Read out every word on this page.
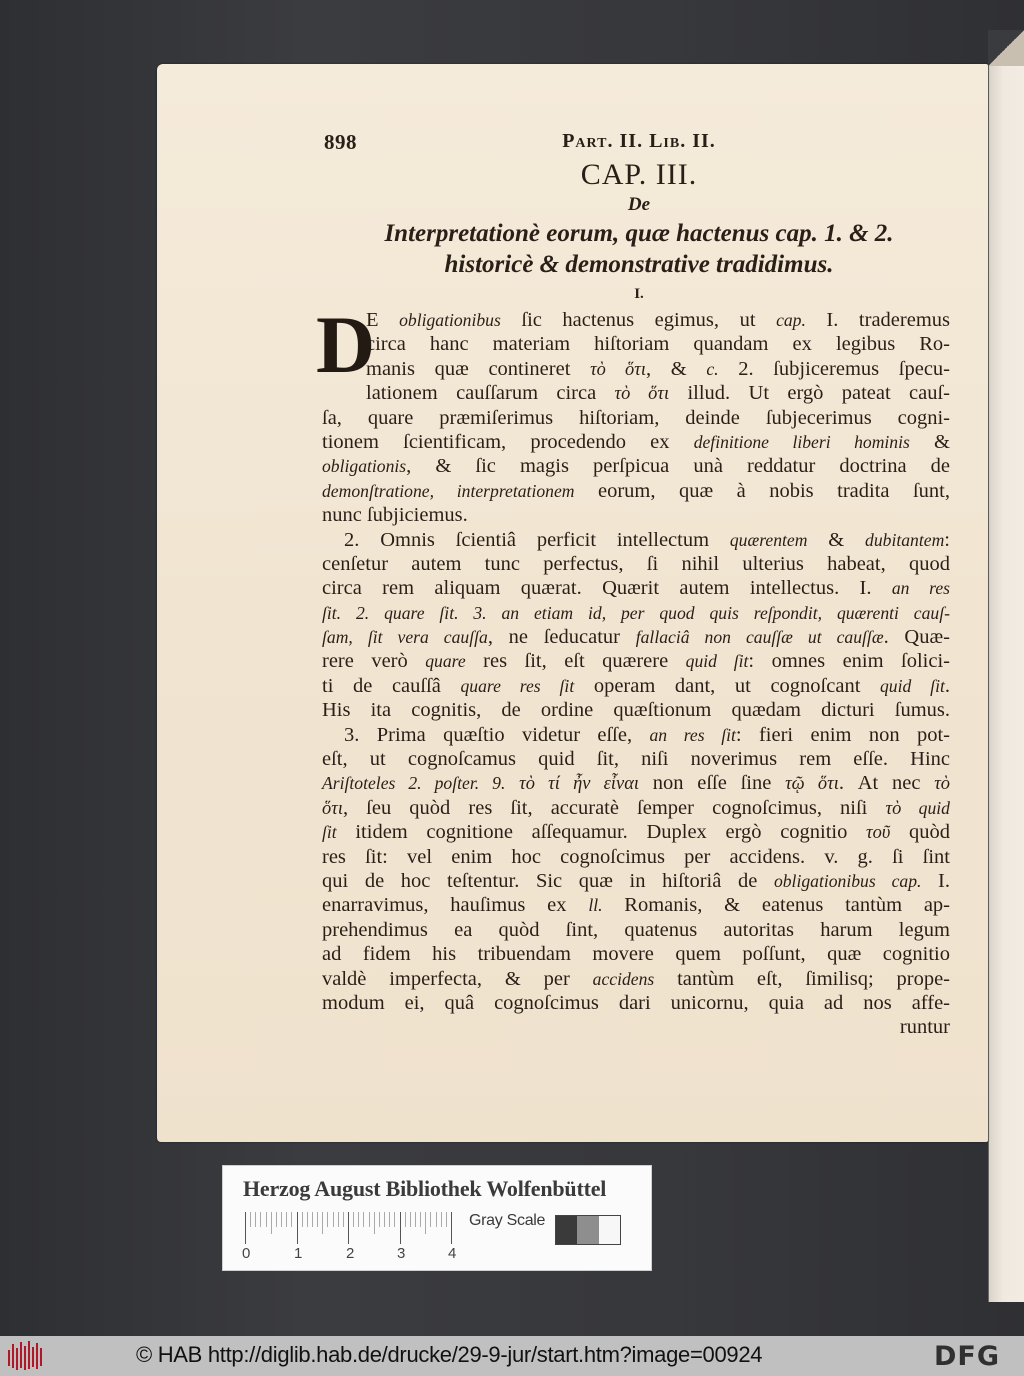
898	Part. II. Lib. II.
CAP. III.
De
Interpretationè eorum, quæ hactenus cap. 1. & 2.
historicè & demonstrative tradidimus.
I.
D
E obligationibus ſic hactenus egimus, ut cap. I. traderemus
circa hanc materiam hiſtoriam quandam ex legibus Ro-
manis quæ contineret τὸ ὅτι, & c. 2. ſubjiceremus ſpecu-
lationem cauſſarum circa τὸ ὅτι illud. Ut ergò pateat cauſ-
ſa, quare præmiſerimus hiſtoriam, deinde ſubjecerimus cogni-
tionem ſcientificam, procedendo ex definitione liberi hominis &
obligationis, & ſic magis perſpicua unà reddatur doctrina de
demonſtratione, interpretationem eorum, quæ à nobis tradita ſunt,
nunc ſubjiciemus.
2. Omnis ſcientiâ perficit intellectum quærentem & dubitantem:
cenſetur autem tunc perfectus, ſi nihil ulterius habeat, quod
circa rem aliquam quærat. Quærit autem intellectus. I. an res
ſit. 2. quare ſit. 3. an etiam id, per quod quis reſpondit, quærenti cauſ-
ſam, ſit vera cauſſa, ne ſeducatur fallaciâ non cauſſæ ut cauſſæ. Quæ-
rere verò quare res ſit, eſt quærere quid ſit: omnes enim ſolici-
ti de cauſſâ quare res ſit operam dant, ut cognoſcant quid ſit.
His ita cognitis, de ordine quæſtionum quædam dicturi ſumus.
3. Prima quæſtio videtur eſſe, an res ſit: fieri enim non pot-
eſt, ut cognoſcamus quid ſit, niſi noverimus rem eſſe. Hinc
Ariſtoteles 2. poſter. 9. τὸ τί ἦν εἶναι non eſſe ſine τῷ ὅτι. At nec τὸ
ὅτι, ſeu quòd res ſit, accuratè ſemper cognoſcimus, niſi τὸ quid
ſit itidem cognitione aſſequamur. Duplex ergò cognitio τοῦ quòd
res ſit: vel enim hoc cognoſcimus per accidens. v. g. ſi ſint
qui de hoc teſtentur. Sic quæ in hiſtoriâ de obligationibus cap. I.
enarravimus, hauſimus ex ll. Romanis, & eatenus tantùm ap-
prehendimus ea quòd ſint, quatenus autoritas harum legum
ad fidem his tribuendam movere quem poſſunt, quæ cognitio
valdè imperfecta, & per accidens tantùm eſt, ſimilisq; prope-
modum ei, quâ cognoſcimus dari unicornu, quia ad nos affe-
runtur
Herzog August Bibliothek Wolfenbüttel
0	1	2	3	4
Gray Scale
© HAB http://diglib.hab.de/drucke/29-9-jur/start.htm?image=00924	DFG
